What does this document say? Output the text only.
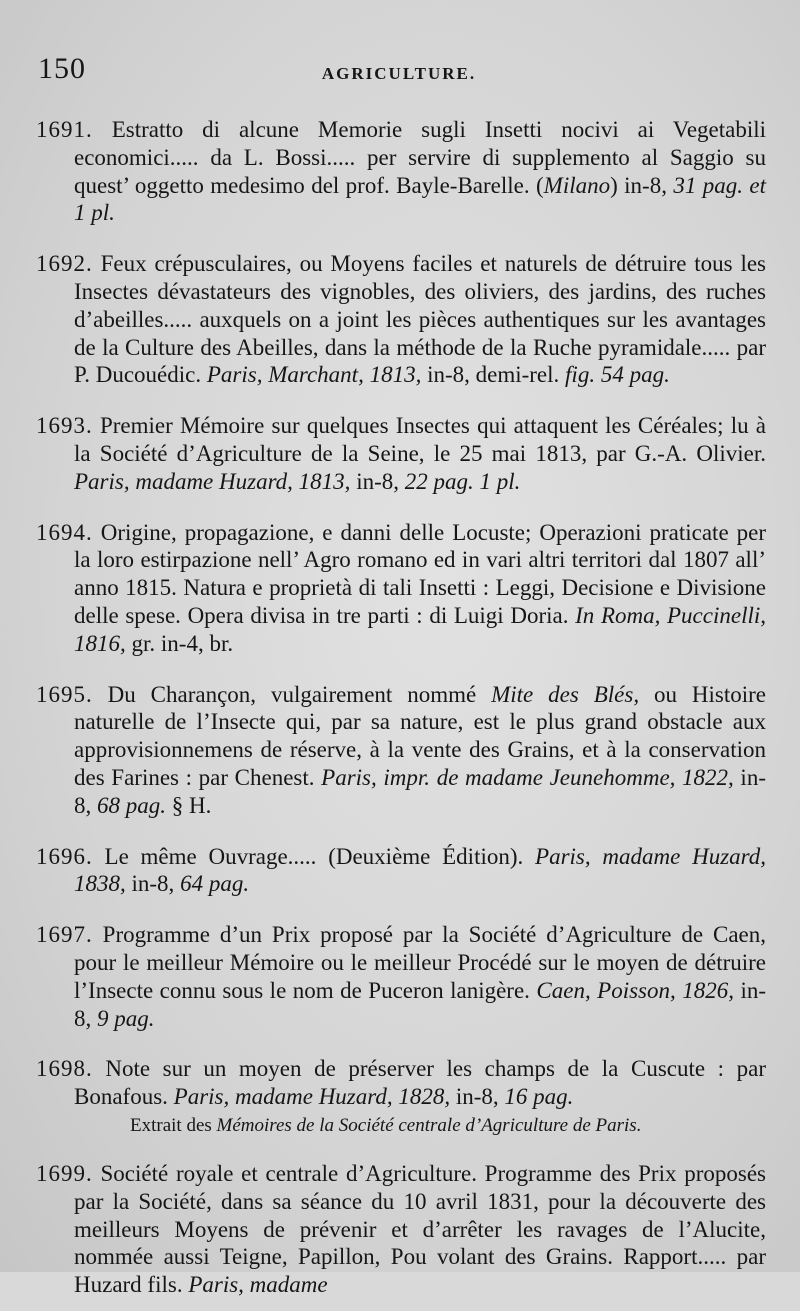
150	AGRICULTURE.

1691. Estratto di alcune Memorie sugli Insetti nocivi ai Vegetabili economici..... da L. Bossi..... per servire di supplemento al Saggio su quest’ oggetto medesimo del prof. Bayle-Barelle. (Milano) in-8, 31 pag. et 1 pl.

1692. Feux crépusculaires, ou Moyens faciles et naturels de détruire tous les Insectes dévastateurs des vignobles, des oliviers, des jardins, des ruches d’abeilles..... auxquels on a joint les pièces authentiques sur les avantages de la Culture des Abeilles, dans la méthode de la Ruche pyramidale..... par P. Ducouédic. Paris, Marchant, 1813, in-8, demi-rel. fig. 54 pag.

1693. Premier Mémoire sur quelques Insectes qui attaquent les Céréales; lu à la Société d’Agriculture de la Seine, le 25 mai 1813, par G.-A. Olivier. Paris, madame Huzard, 1813, in-8, 22 pag. 1 pl.

1694. Origine, propagazione, e danni delle Locuste; Operazioni praticate per la loro estirpazione nell’ Agro romano ed in vari altri territori dal 1807 all’ anno 1815. Natura e proprietà di tali Insetti : Leggi, Decisione e Divisione delle spese. Opera divisa in tre parti : di Luigi Doria. In Roma, Puccinelli, 1816, gr. in-4, br.

1695. Du Charançon, vulgairement nommé Mite des Blés, ou Histoire naturelle de l’Insecte qui, par sa nature, est le plus grand obstacle aux approvisionnemens de réserve, à la vente des Grains, et à la conservation des Farines : par Chenest. Paris, impr. de madame Jeunehomme, 1822, in-8, 68 pag. § H.

1696. Le même Ouvrage..... (Deuxième Édition). Paris, madame Huzard, 1838, in-8, 64 pag.

1697. Programme d’un Prix proposé par la Société d’Agriculture de Caen, pour le meilleur Mémoire ou le meilleur Procédé sur le moyen de détruire l’Insecte connu sous le nom de Puceron lanigère. Caen, Poisson, 1826, in-8, 9 pag.

1698. Note sur un moyen de préserver les champs de la Cuscute : par Bonafous. Paris, madame Huzard, 1828, in-8, 16 pag.

Extrait des Mémoires de la Société centrale d’Agriculture de Paris.

1699. Société royale et centrale d’Agriculture. Programme des Prix proposés par la Société, dans sa séance du 10 avril 1831, pour la découverte des meilleurs Moyens de prévenir et d’arrêter les ravages de l’Alucite, nommée aussi Teigne, Papillon, Pou volant des Grains. Rapport..... par Huzard fils. Paris, madame
